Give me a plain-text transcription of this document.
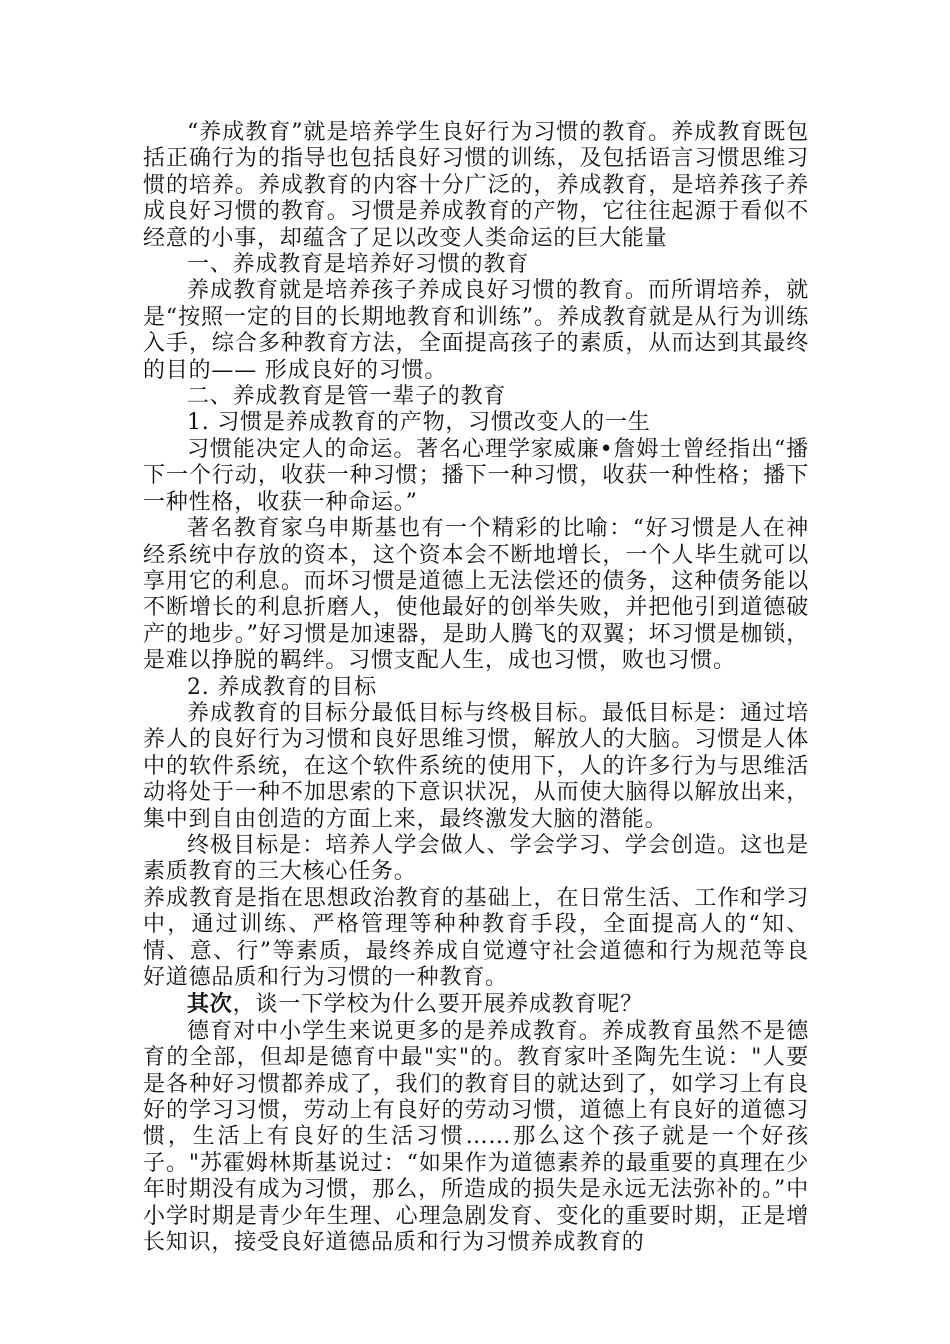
“养成教育”就是培养学生良好行为习惯的教育。养成教育既包括正确行为的指导也包括良好习惯的训练，及包括语言习惯思维习惯的培养。养成教育的内容十分广泛的，养成教育，是培养孩子养成良好习惯的教育。习惯是养成教育的产物，它往往起源于看似不经意的小事，却蕴含了足以改变人类命运的巨大能量

一、养成教育是培养好习惯的教育

养成教育就是培养孩子养成良好习惯的教育。而所谓培养，就是“按照一定的目的长期地教育和训练”。养成教育就是从行为训练入手，综合多种教育方法，全面提高孩子的素质，从而达到其最终的目的—— 形成良好的习惯。

二、养成教育是管一辈子的教育

1. 习惯是养成教育的产物，习惯改变人的一生

习惯能决定人的命运。著名心理学家威廉•詹姆士曾经指出“播下一个行动，收获一种习惯；播下一种习惯，收获一种性格；播下一种性格，收获一种命运。”

著名教育家乌申斯基也有一个精彩的比喻：“好习惯是人在神经系统中存放的资本，这个资本会不断地增长，一个人毕生就可以享用它的利息。而坏习惯是道德上无法偿还的债务，这种债务能以不断增长的利息折磨人，使他最好的创举失败，并把他引到道德破产的地步。”好习惯是加速器，是助人腾飞的双翼；坏习惯是枷锁，是难以挣脱的羁绊。习惯支配人生，成也习惯，败也习惯。

2. 养成教育的目标

养成教育的目标分最低目标与终极目标。最低目标是：通过培养人的良好行为习惯和良好思维习惯，解放人的大脑。习惯是人体中的软件系统，在这个软件系统的使用下，人的许多行为与思维活动将处于一种不加思索的下意识状况，从而使大脑得以解放出来，集中到自由创造的方面上来，最终激发大脑的潜能。

终极目标是：培养人学会做人、学会学习、学会创造。这也是素质教育的三大核心任务。

养成教育是指在思想政治教育的基础上，在日常生活、工作和学习中，通过训练、严格管理等种种教育手段，全面提高人的“知、情、意、行”等素质，最终养成自觉遵守社会道德和行为规范等良好道德品质和行为习惯的一种教育。

其次，谈一下学校为什么要开展养成教育呢？

德育对中小学生来说更多的是养成教育。养成教育虽然不是德育的全部，但却是德育中最"实"的。教育家叶圣陶先生说："人要是各种好习惯都养成了，我们的教育目的就达到了，如学习上有良好的学习习惯，劳动上有良好的劳动习惯，道德上有良好的道德习惯，生活上有良好的生活习惯……那么这个孩子就是一个好孩子。"苏霍姆林斯基说过：“如果作为道德素养的最重要的真理在少年时期没有成为习惯，那么，所造成的损失是永远无法弥补的。”中小学时期是青少年生理、心理急剧发育、变化的重要时期，正是增长知识，接受良好道德品质和行为习惯养成教育的
